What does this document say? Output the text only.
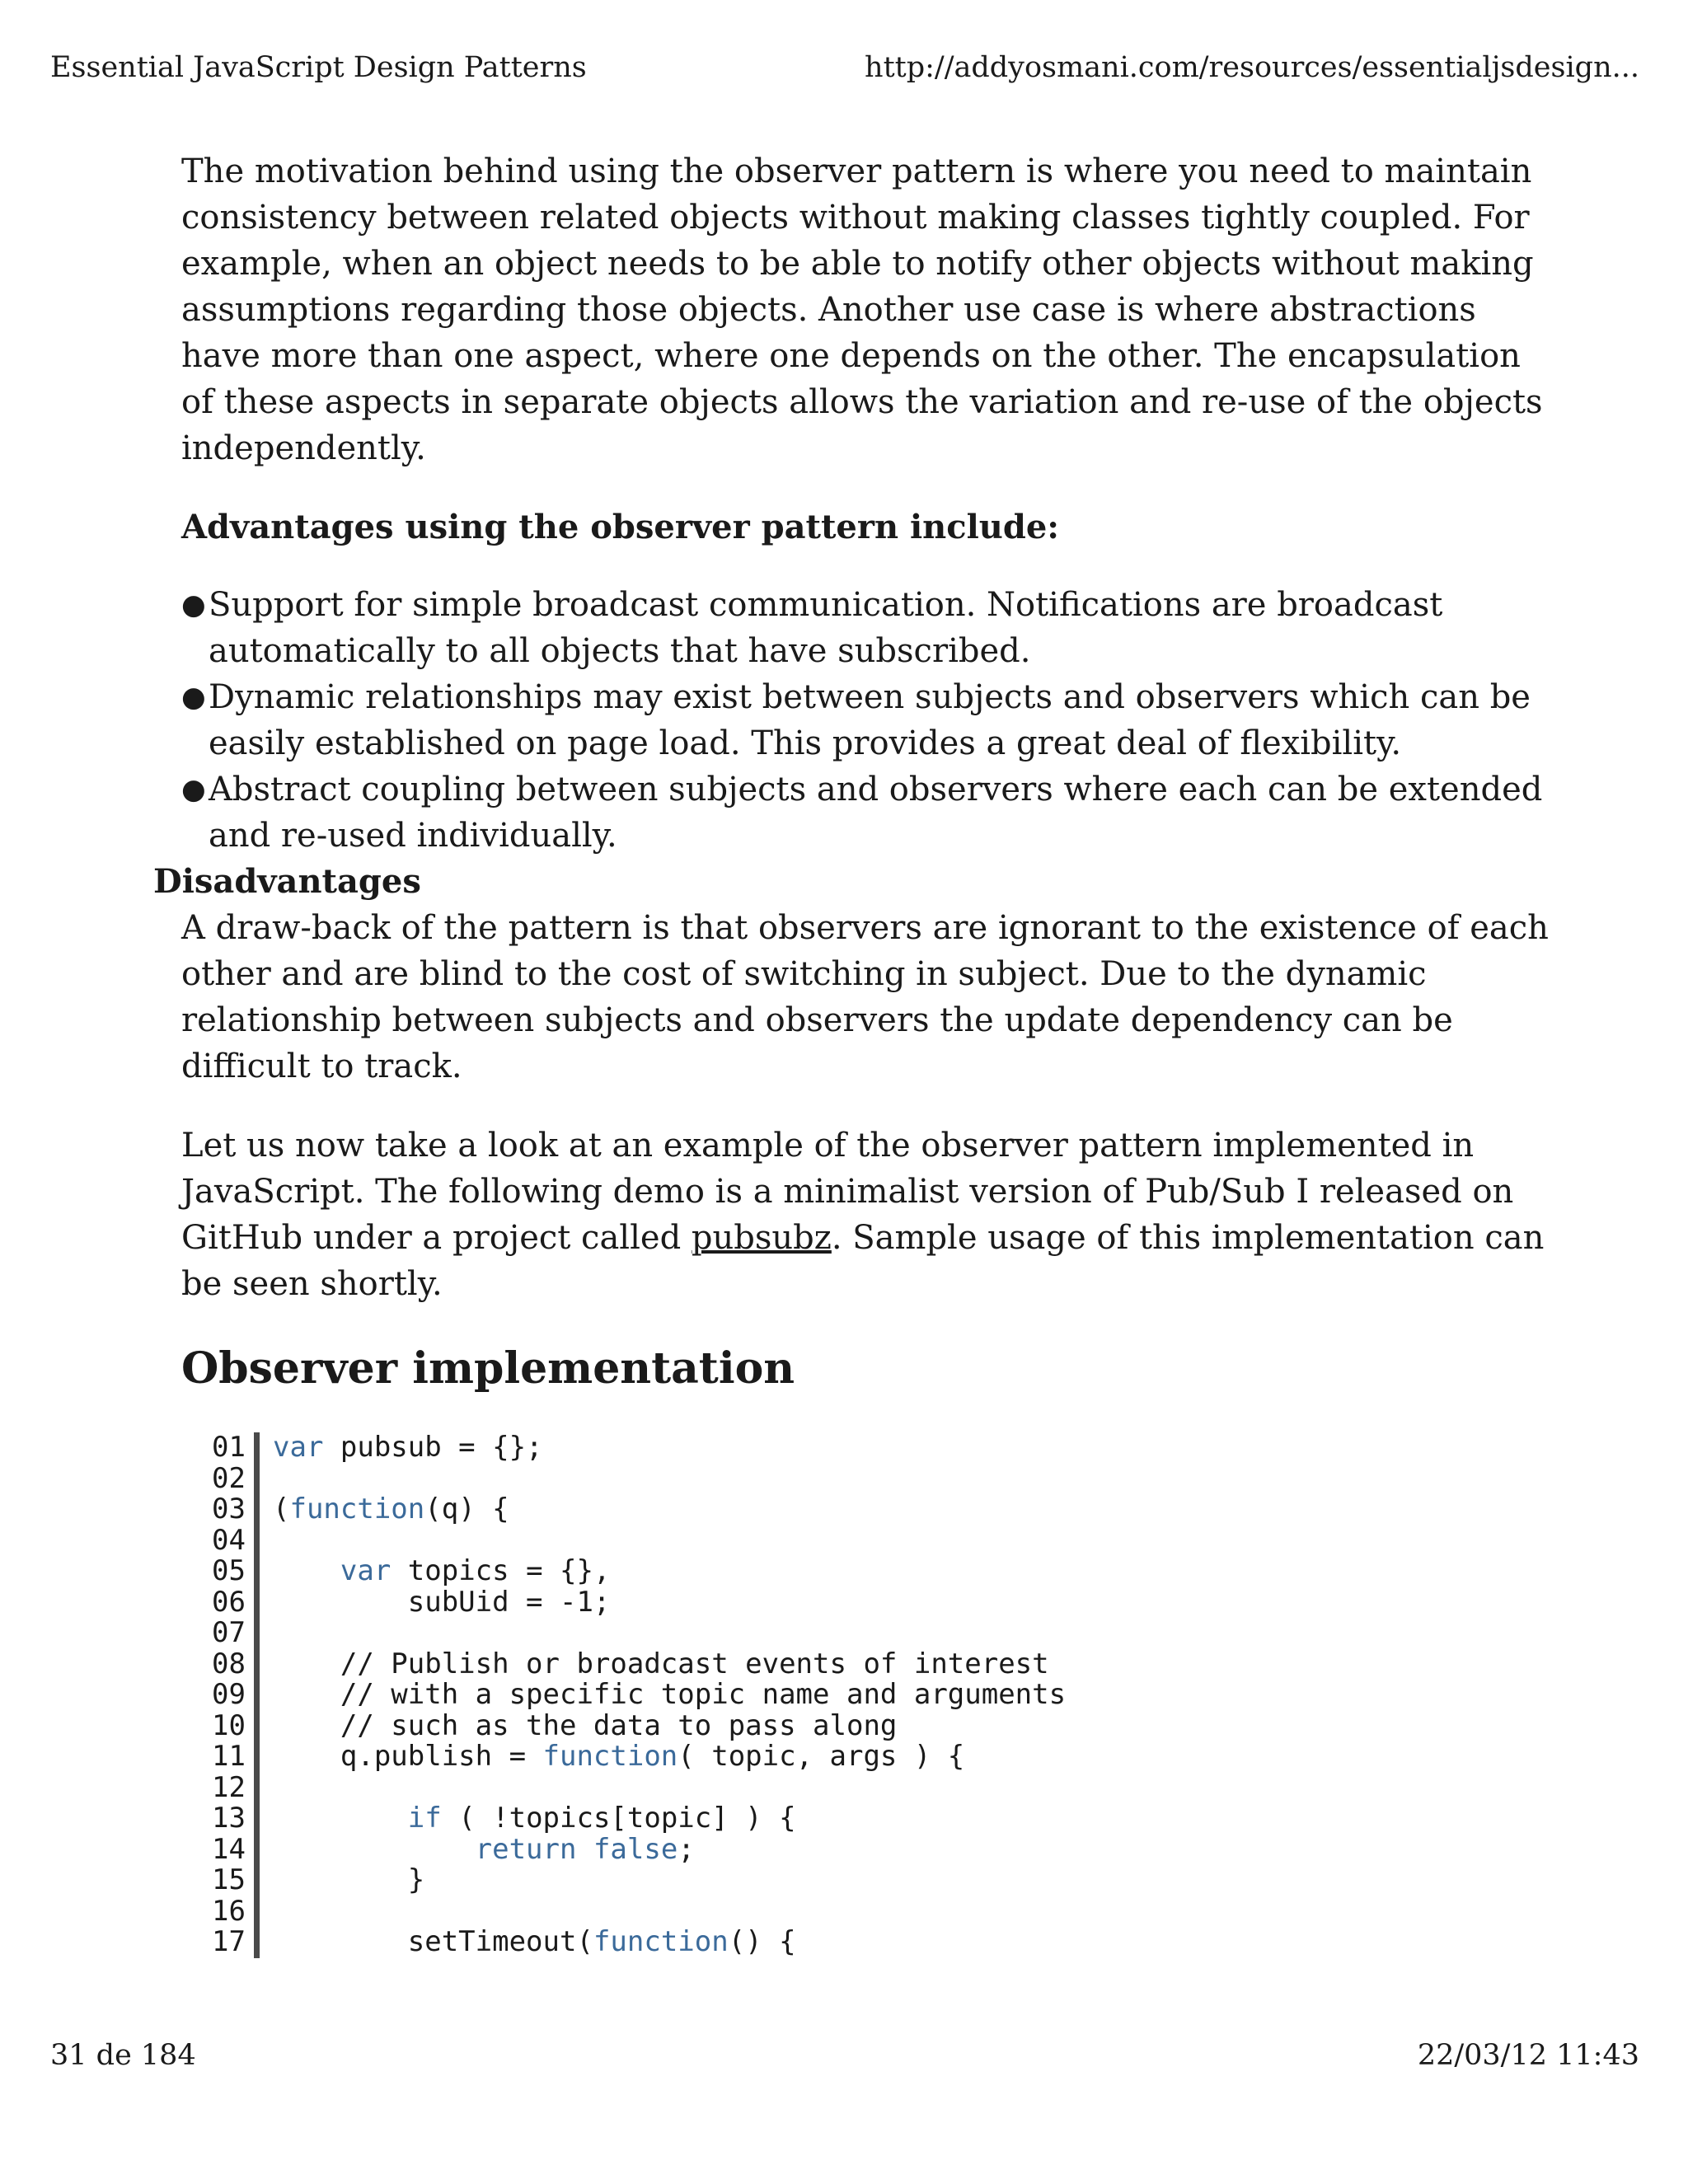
Essential JavaScript Design Patterns	http://addyosmani.com/resources/essentialjsdesign...

The motivation behind using the observer pattern is where you need to maintain consistency between related objects without making classes tightly coupled. For example, when an object needs to be able to notify other objects without making assumptions regarding those objects. Another use case is where abstractions have more than one aspect, where one depends on the other. The encapsulation of these aspects in separate objects allows the variation and re-use of the objects independently.

Advantages using the observer pattern include:

● Support for simple broadcast communication. Notifications are broadcast automatically to all objects that have subscribed.
● Dynamic relationships may exist between subjects and observers which can be easily established on page load. This provides a great deal of flexibility.
● Abstract coupling between subjects and observers where each can be extended and re-used individually.

Disadvantages

A draw-back of the pattern is that observers are ignorant to the existence of each other and are blind to the cost of switching in subject. Due to the dynamic relationship between subjects and observers the update dependency can be difficult to track.

Let us now take a look at an example of the observer pattern implemented in JavaScript. The following demo is a minimalist version of Pub/Sub I released on GitHub under a project called pubsubz. Sample usage of this implementation can be seen shortly.

Observer implementation
01 var pubsub = {};
02
03 (function(q) {
04
05	var topics = {},
06 subUid = -1;
07
08 // Publish or broadcast events of interest
09 // with a specific topic name and arguments
10 // such as the data to pass along
11 q.publish = function( topic, args ) {
12
13	if ( !topics[topic] ) {
14	return false;
15 }
16
17 setTimeout(function() {
31 de 184	22/03/12 11:43
